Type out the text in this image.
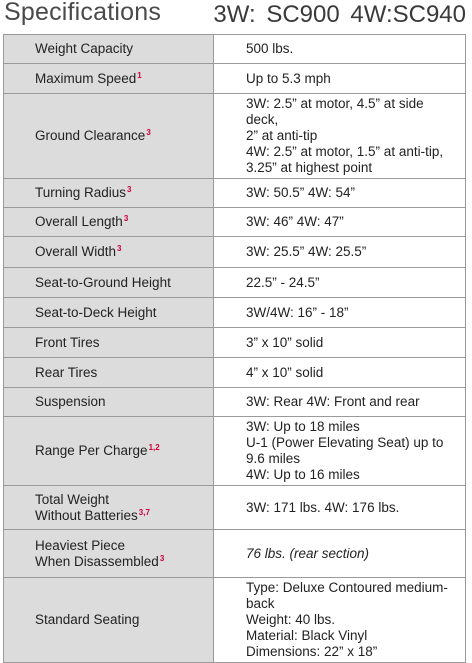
Specifications 3W: SC900 4W:SC940
Weight Capacity	500 lbs.

Maximum Speed$^1$	Up to 5.3 mph

Ground Clearance$^3$	3W: 2.5” at motor, 4.5” at side deck,
2” at anti-tip
4W: 2.5” at motor, 1.5” at anti-tip,
3.25” at highest point

Turning Radius$^3$	3W: 50.5” 4W: 54”

Overall Length$^3$	3W: 46” 4W: 47”

Overall Width$^3$	3W: 25.5” 4W: 25.5”

Seat-to-Ground Height	22.5” - 24.5”

Seat-to-Deck Height	3W/4W: 16” - 18”

Front Tires	3” x 10” solid

Rear Tires	4” x 10” solid

Suspension	3W: Rear 4W: Front and rear

Range Per Charge$^{1,2}$	3W: Up to 18 miles
U-1 (Power Elevating Seat) up to 9.6 miles
4W: Up to 16 miles

Total Weight
Without Batteries$^{3,7}$	3W: 171 lbs. 4W: 176 lbs.

Heaviest Piece
When Disassembled$^3$	76 lbs. (rear section)

Standard Seating	Type: Deluxe Contoured medium-back
Weight: 40 lbs.
Material: Black Vinyl
Dimensions: 22” x 18”
